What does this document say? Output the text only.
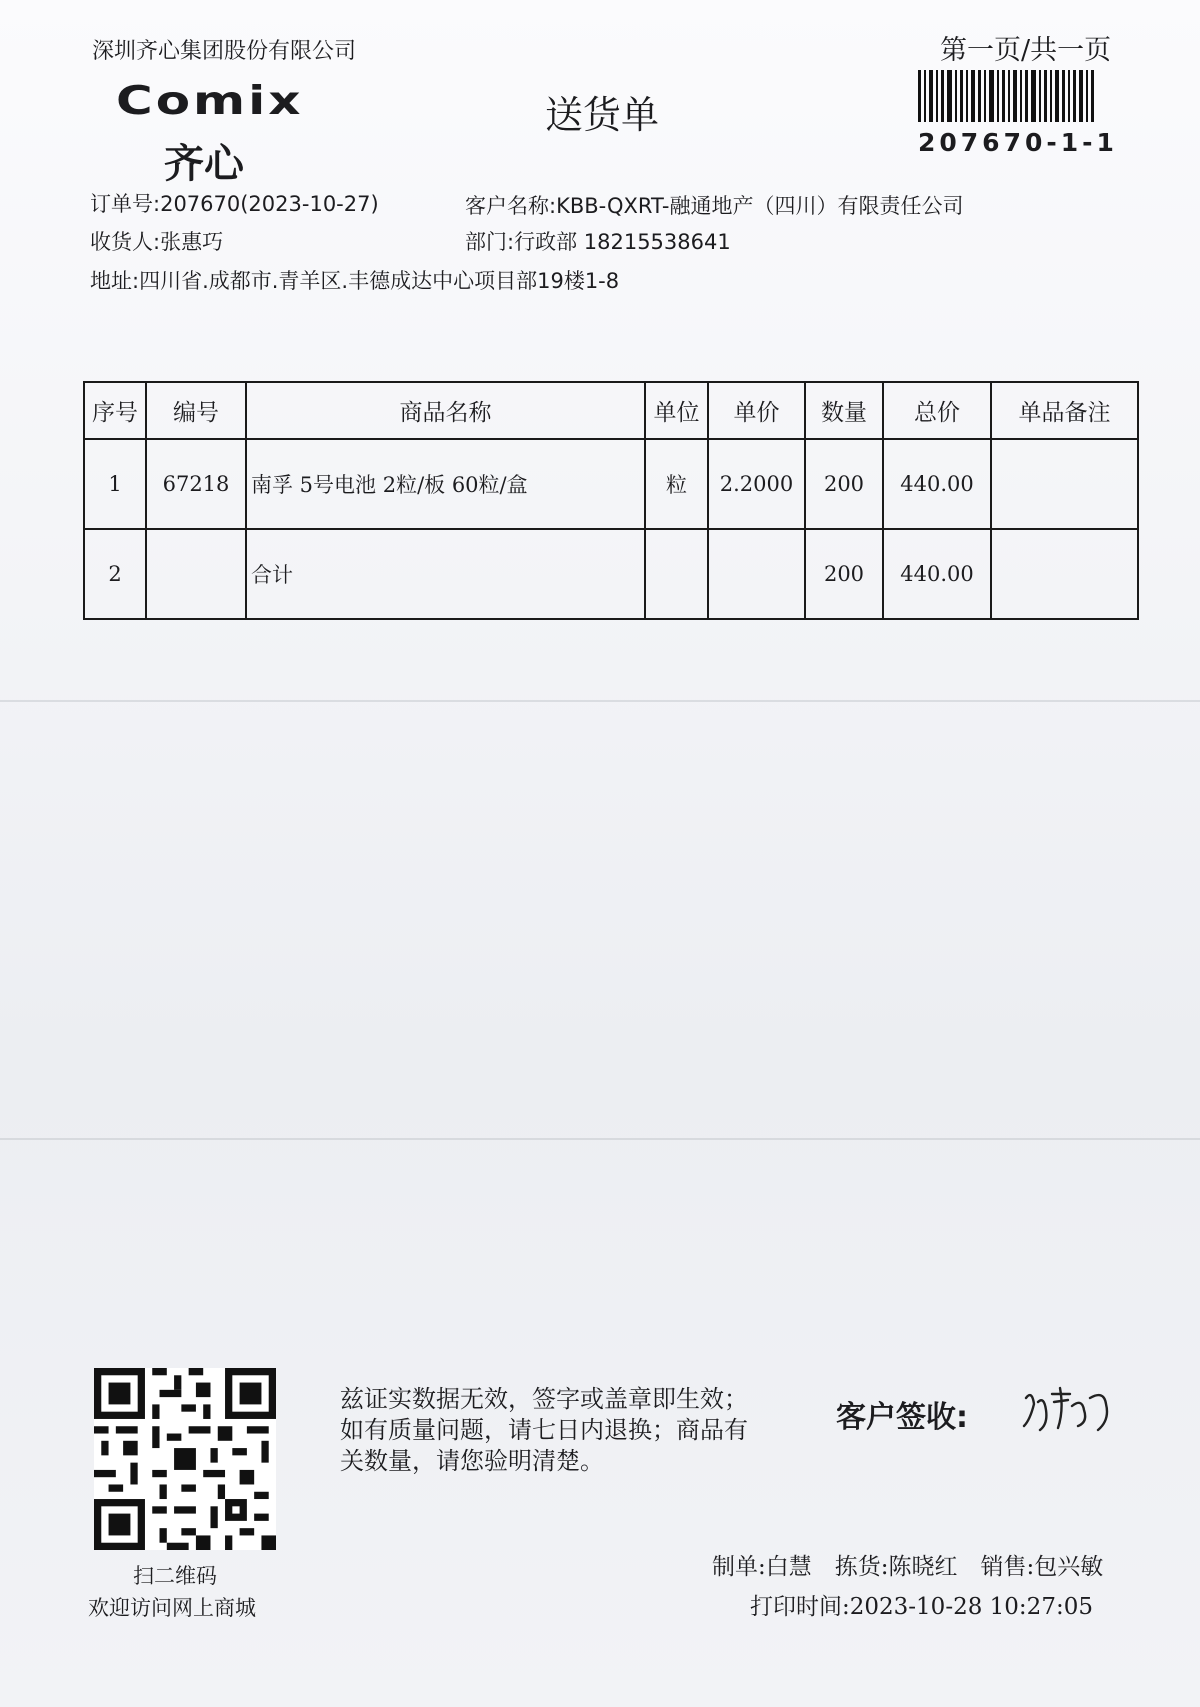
深圳齐心集团股份有限公司	第一页/共一页
207670-1-1
Comix
齐心
送货单
订单号:207670(2023-10-27)	客户名称:KBB-QXRT-融通地产（四川）有限责任公司
收货人:张惠巧	部门:行政部 18215538641
地址:四川省.成都市.青羊区.丰德成达中心项目部19楼1-8
序号	编号	商品名称	单位	单价	数量	总价	单品备注
1	67218	南孚 5号电池 2粒/板 60粒/盒	粒	2.2000	200	440.00	
2		合计			200	440.00	
扫二维码
欢迎访问网上商城
兹证实数据无效，签字或盖章即生效；如有质量问题，请七日内退换；商品有关数量，请您验明清楚。
客户签收:
制单:白慧　拣货:陈晓红　销售:包兴敏
打印时间:2023-10-28 10:27:05
